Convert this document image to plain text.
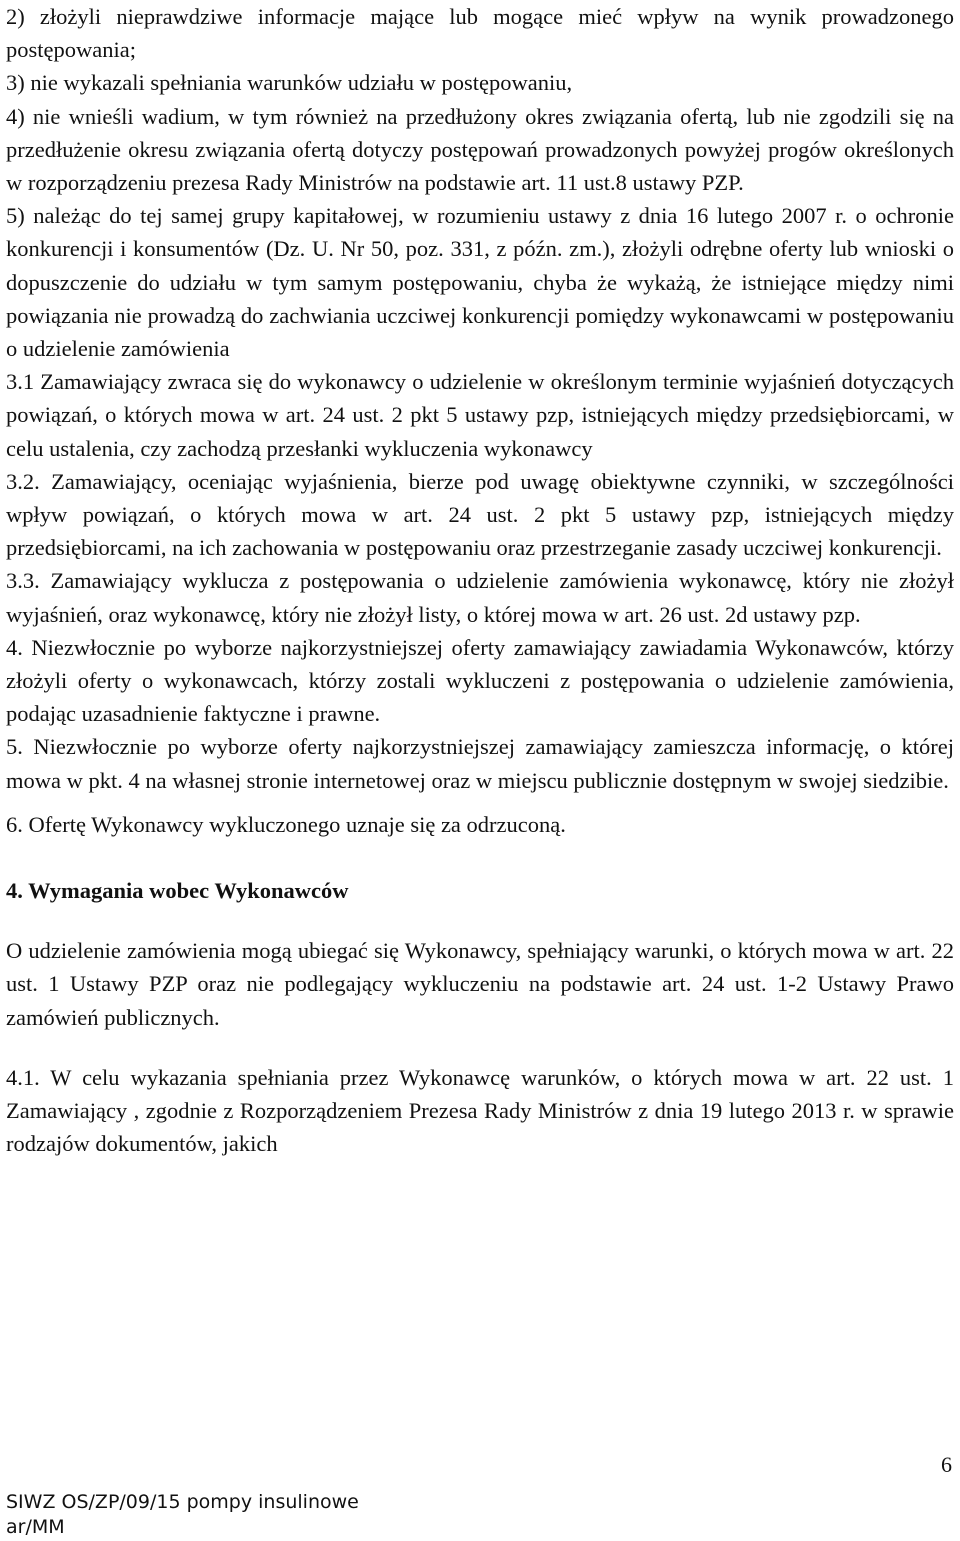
2) złożyli nieprawdziwe informacje mające lub mogące mieć wpływ na wynik prowadzonego postępowania;

3) nie wykazali spełniania warunków udziału w postępowaniu,

4) nie wnieśli wadium, w tym również na przedłużony okres związania ofertą, lub nie zgodzili się na przedłużenie okresu związania ofertą dotyczy postępowań prowadzonych powyżej progów określonych w rozporządzeniu prezesa Rady Ministrów na podstawie art. 11 ust.8 ustawy PZP.

5) należąc do tej samej grupy kapitałowej, w rozumieniu ustawy z dnia 16 lutego 2007 r. o ochronie konkurencji i konsumentów (Dz. U. Nr 50, poz. 331, z późn. zm.), złożyli odrębne oferty lub wnioski o dopuszczenie do udziału w tym samym postępowaniu, chyba że wykażą, że istniejące między nimi powiązania nie prowadzą do zachwiania uczciwej konkurencji pomiędzy wykonawcami w postępowaniu o udzielenie zamówienia

3.1 Zamawiający zwraca się do wykonawcy o udzielenie w określonym terminie wyjaśnień dotyczących powiązań, o których mowa w art. 24 ust. 2 pkt 5 ustawy pzp, istniejących między przedsiębiorcami, w celu ustalenia, czy zachodzą przesłanki wykluczenia wykonawcy

3.2. Zamawiający, oceniając wyjaśnienia, bierze pod uwagę obiektywne czynniki, w szczególności wpływ powiązań, o których mowa w art. 24 ust. 2 pkt 5 ustawy pzp, istniejących między przedsiębiorcami, na ich zachowania w postępowaniu oraz przestrzeganie zasady uczciwej konkurencji.

3.3. Zamawiający wyklucza z postępowania o udzielenie zamówienia wykonawcę, który nie złożył wyjaśnień, oraz wykonawcę, który nie złożył listy, o której mowa w art. 26 ust. 2d ustawy pzp.

4. Niezwłocznie po wyborze najkorzystniejszej oferty zamawiający zawiadamia Wykonawców, którzy złożyli oferty o wykonawcach, którzy zostali wykluczeni z postępowania o udzielenie zamówienia, podając uzasadnienie faktyczne i prawne.

5. Niezwłocznie po wyborze oferty najkorzystniejszej zamawiający zamieszcza informację, o której mowa w pkt. 4 na własnej stronie internetowej oraz w miejscu publicznie dostępnym w swojej siedzibie.

6. Ofertę Wykonawcy wykluczonego uznaje się za odrzuconą.

4. Wymagania wobec Wykonawców

O udzielenie zamówienia mogą ubiegać się Wykonawcy, spełniający warunki, o których mowa w art. 22 ust. 1 Ustawy PZP oraz nie podlegający wykluczeniu na podstawie art. 24 ust. 1-2 Ustawy Prawo zamówień publicznych.

4.1. W celu wykazania spełniania przez Wykonawcę warunków, o których mowa w art. 22 ust. 1 Zamawiający , zgodnie z Rozporządzeniem Prezesa Rady Ministrów z dnia 19 lutego 2013 r. w sprawie rodzajów dokumentów, jakich

6
SIWZ OS/ZP/09/15 pompy insulinowe
ar/MM
